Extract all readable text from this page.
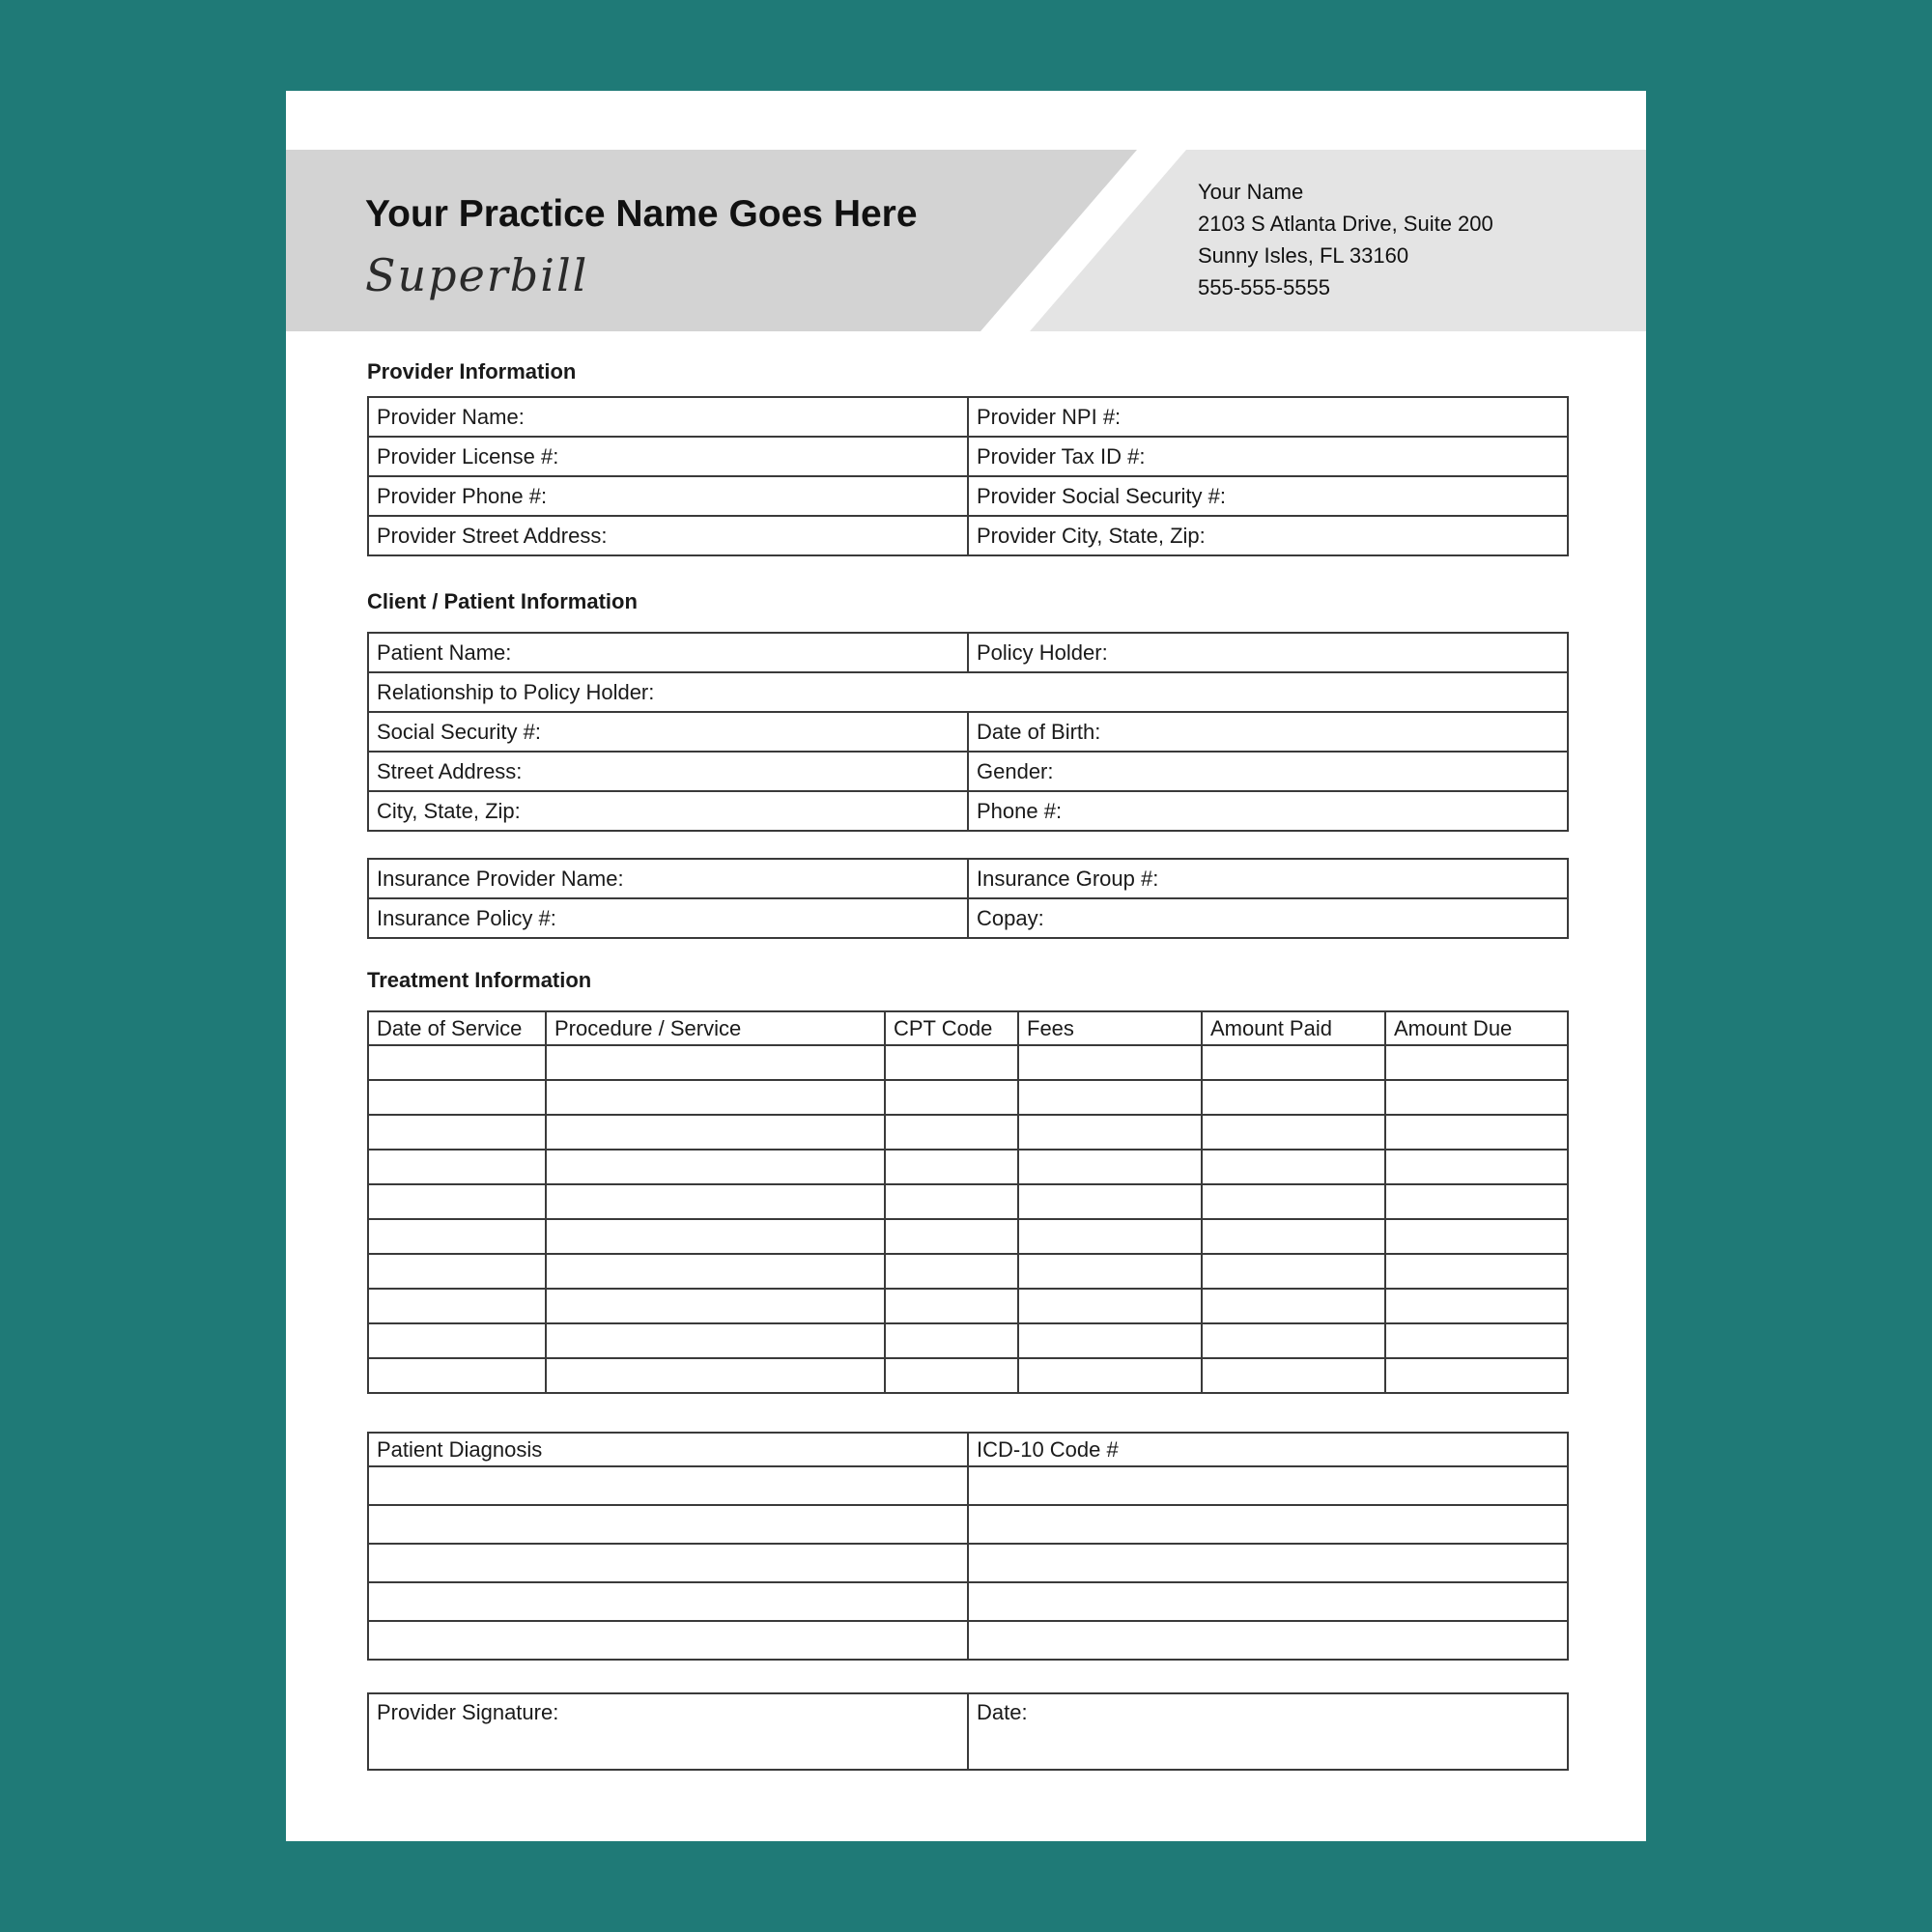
Your Practice Name Goes Here
Superbill
Your Name
2103 S Atlanta Drive, Suite 200
Sunny Isles, FL 33160
555-555-5555
Provider Information
Provider Name:	Provider NPI #:
Provider License #:	Provider Tax ID #:
Provider Phone #:	Provider Social Security #:
Provider Street Address:	Provider City, State, Zip:
Client / Patient Information
Patient Name:	Policy Holder:
Relationship to Policy Holder:	
Social Security #:	Date of Birth:
Street Address:	Gender:
City, State, Zip:	Phone #:
Insurance Provider Name:	Insurance Group #:
Insurance Policy #:	Copay:
Treatment Information
Date of Service	Procedure / Service	CPT Code	Fees	Amount Paid	Amount Due

Patient Diagnosis	ICD-10 Code #

Provider Signature:	Date:
